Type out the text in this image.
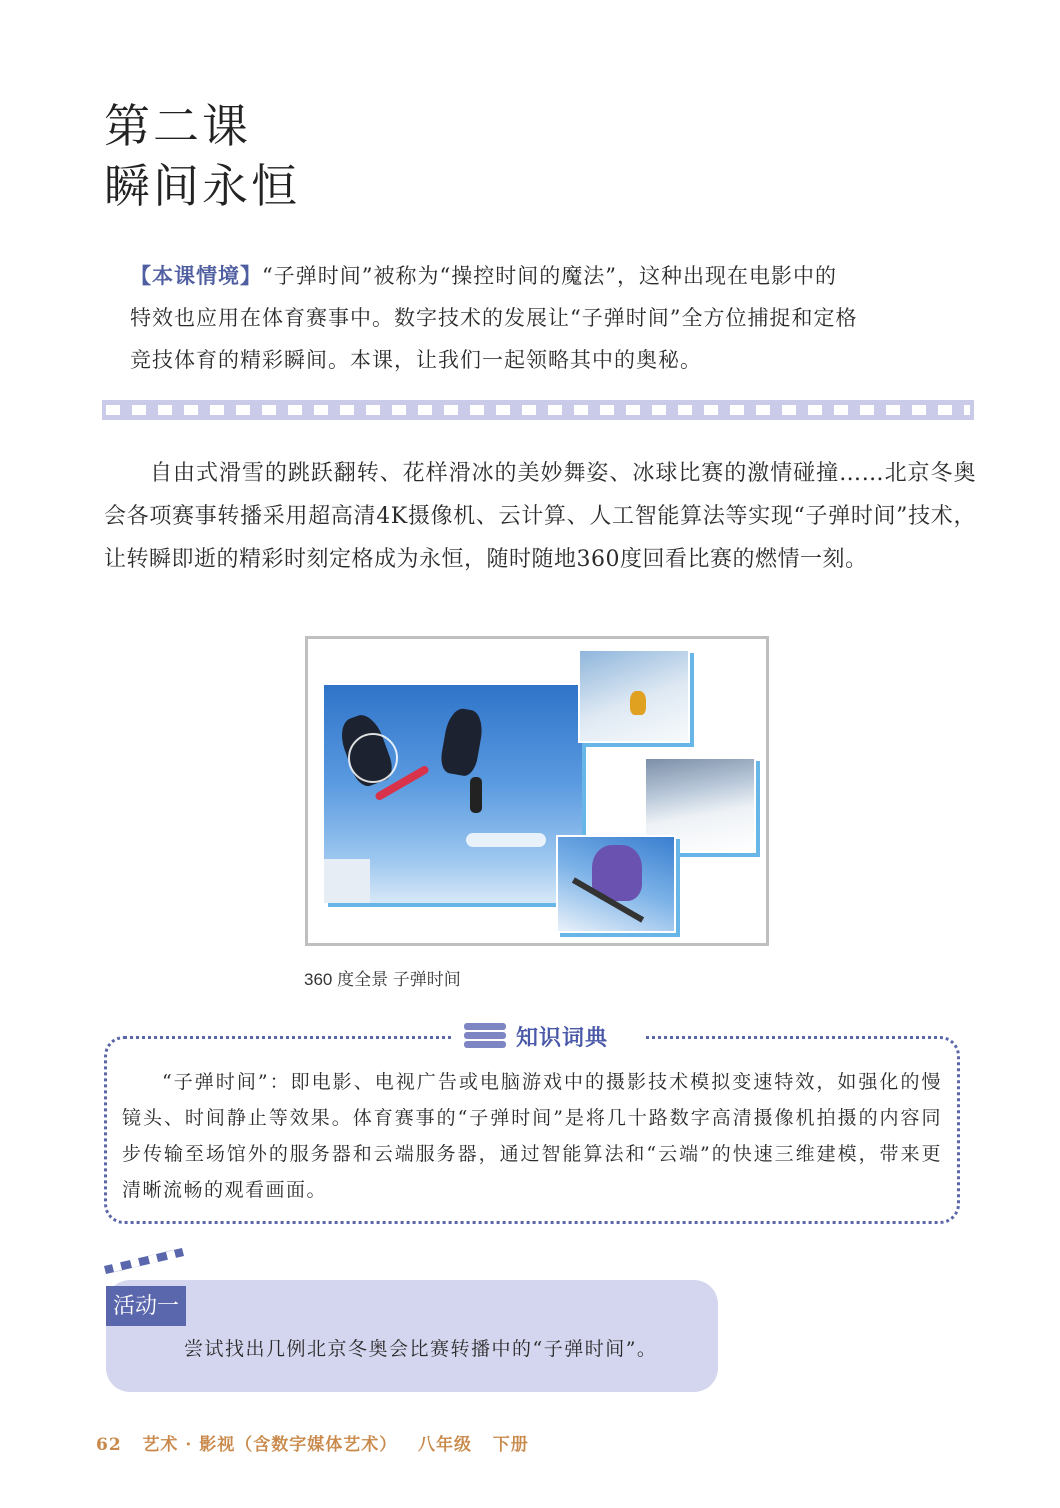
第二课
瞬间永恒

【本课情境】“子弹时间”被称为“操控时间的魔法”，这种出现在电影中的

特效也应用在体育赛事中。数字技术的发展让“子弹时间”全方位捕捉和定格

竞技体育的精彩瞬间。本课，让我们一起领略其中的奥秘。

自由式滑雪的跳跃翻转、花样滑冰的美妙舞姿、冰球比赛的激情碰撞……北京冬奥会各项赛事转播采用超高清4K摄像机、云计算、人工智能算法等实现“子弹时间”技术，让转瞬即逝的精彩时刻定格成为永恒，随时随地360度回看比赛的燃情一刻。

360 度全景 子弹时间
知识词典

“子弹时间”：即电影、电视广告或电脑游戏中的摄影技术模拟变速特效，如强化的慢镜头、时间静止等效果。体育赛事的“子弹时间”是将几十路数字高清摄像机拍摄的内容同步传输至场馆外的服务器和云端服务器，通过智能算法和“云端”的快速三维建模，带来更清晰流畅的观看画面。

活动一
尝试找出几例北京冬奥会比赛转播中的“子弹时间”。
62 艺术 · 影视（含数字媒体艺术） 八年级 下册
